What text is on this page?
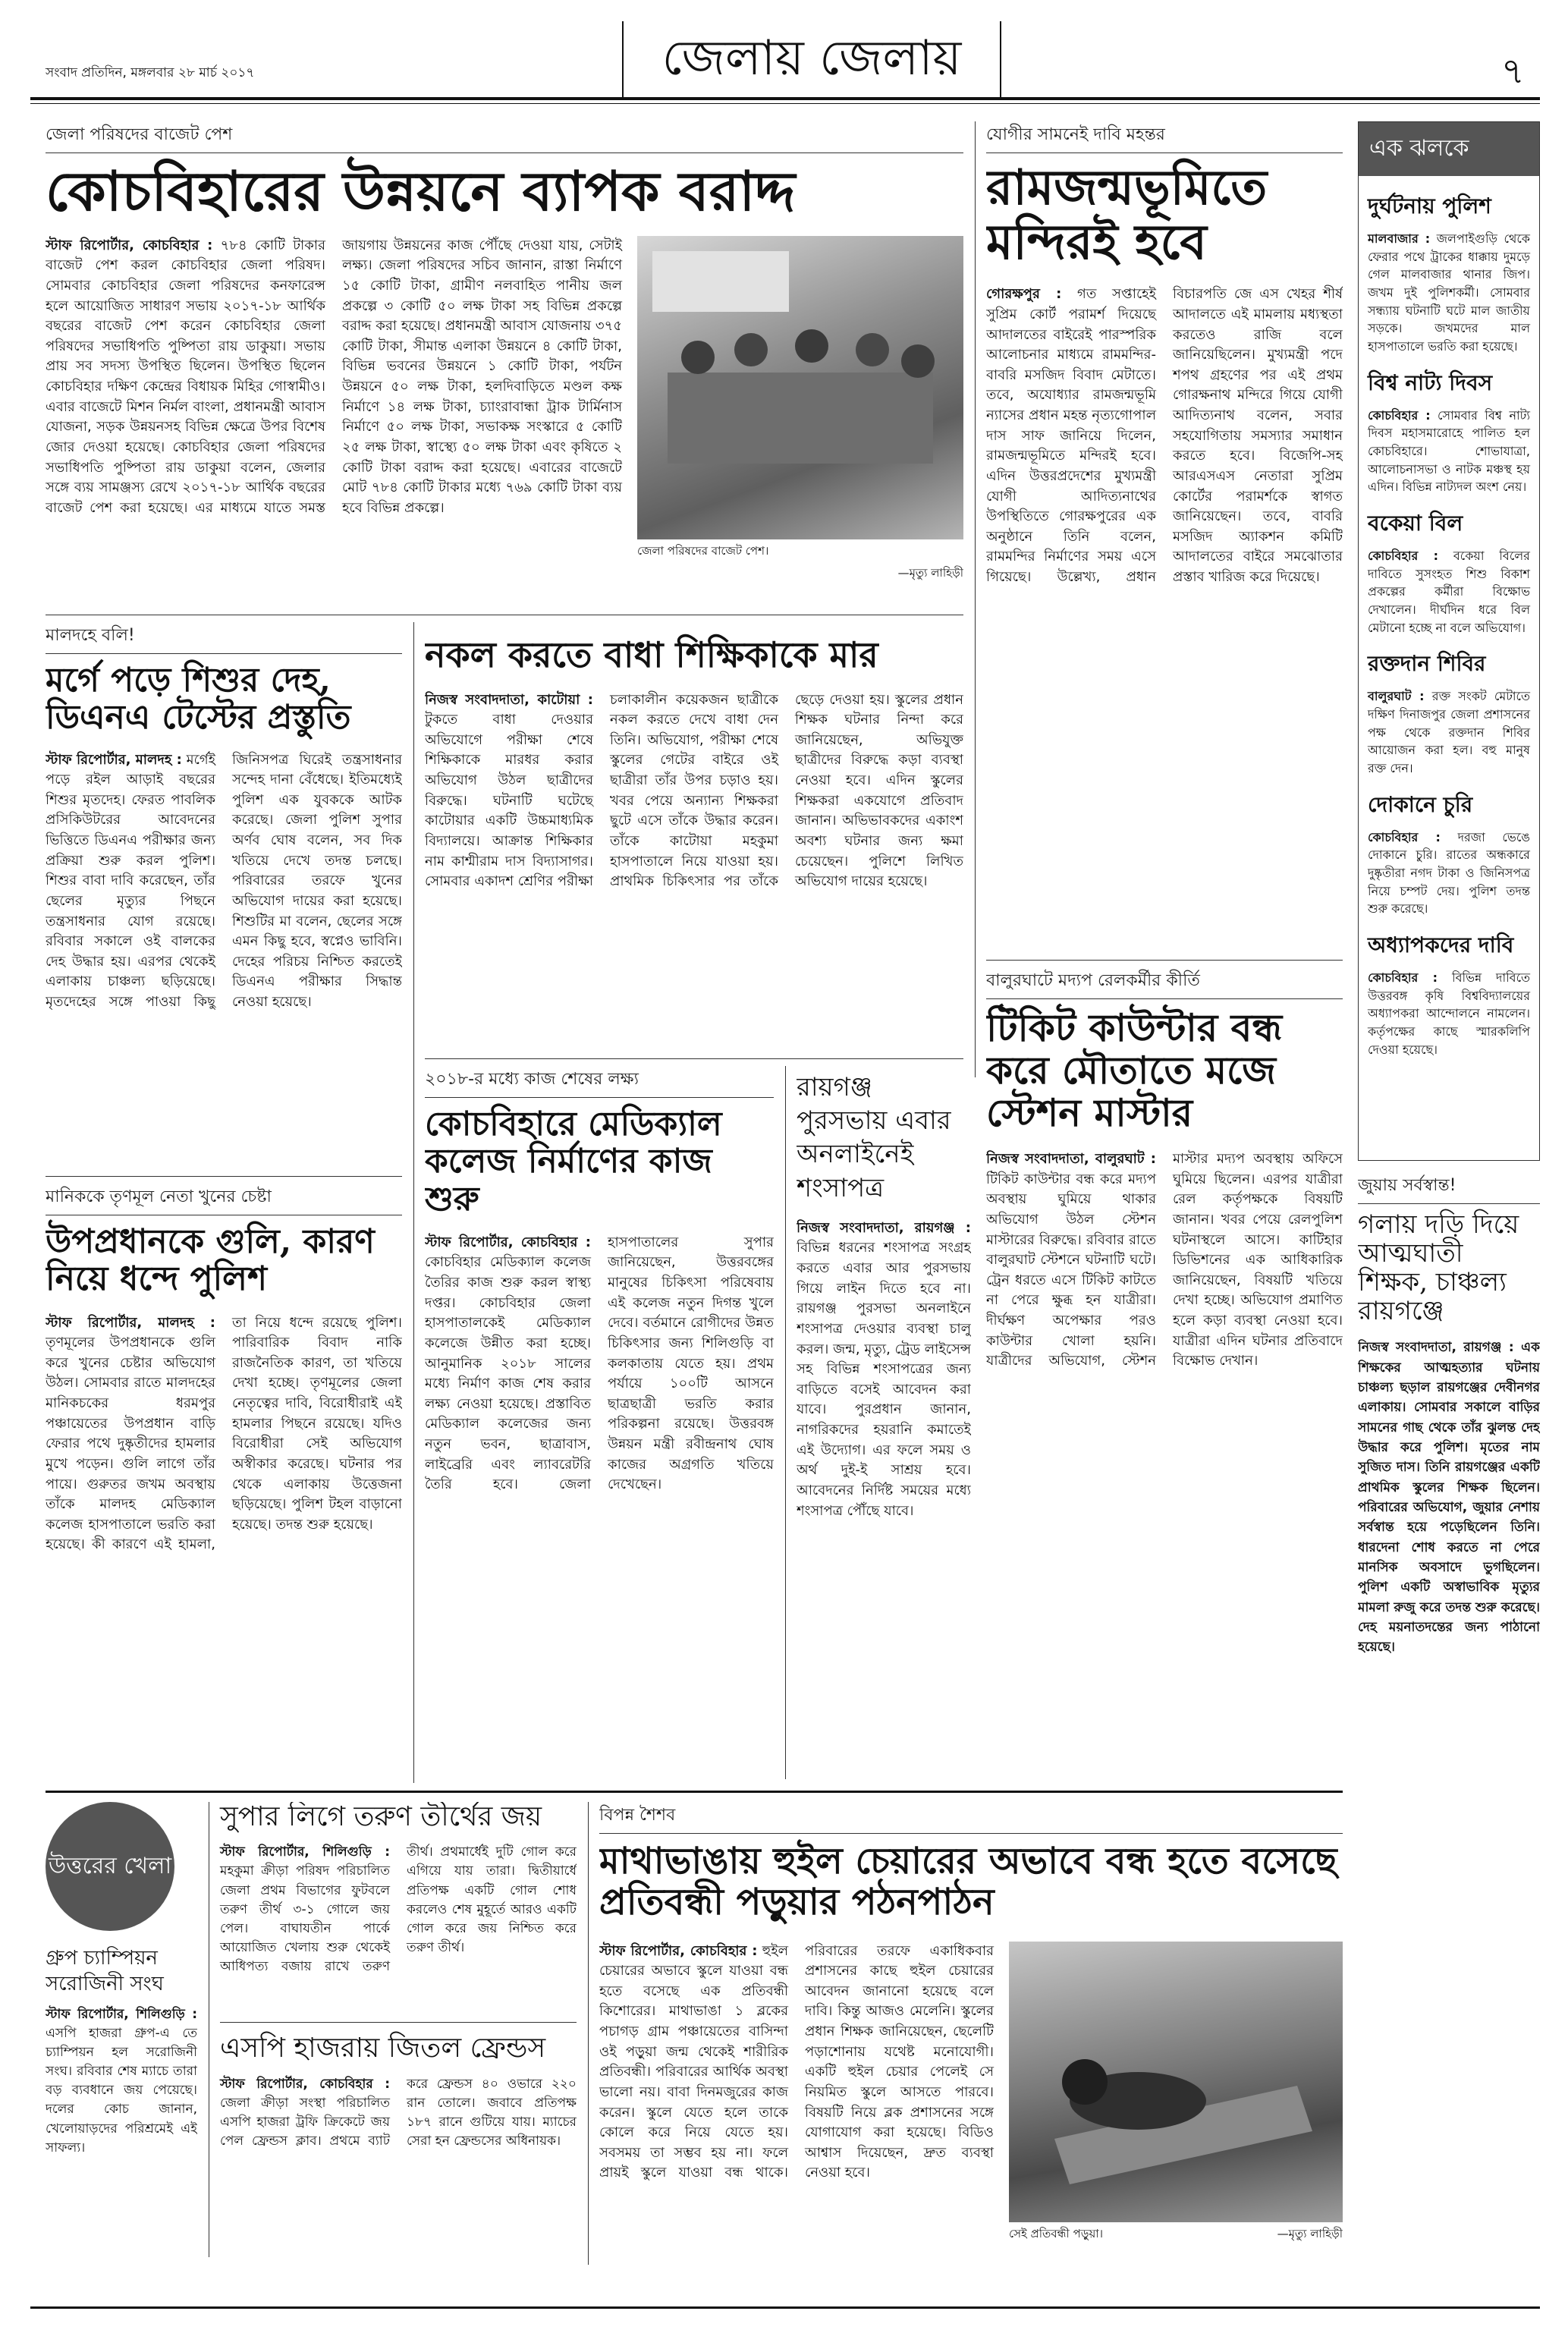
সংবাদ প্রতিদিন, মঙ্গলবার ২৮ মার্চ ২০১৭	জেলায় জেলায়	৭
জেলা পরিষদের বাজেট পেশ
কোচবিহারের উন্নয়নে ব্যাপক বরাদ্দ
স্টাফ রিপোর্টার, কোচবিহার : ৭৮৪ কোটি টাকার বাজেট পেশ করল কোচবিহার জেলা পরিষদ। সোমবার কোচবিহার জেলা পরিষদের কনফারেন্স হলে আয়োজিত সাধারণ সভায় ২০১৭-১৮ আর্থিক বছরের বাজেট পেশ করেন কোচবিহার জেলা পরিষদের সভাধিপতি পুষ্পিতা রায় ডাকুয়া। সভায় প্রায় সব সদস্য উপস্থিত ছিলেন। উপস্থিত ছিলেন কোচবিহার দক্ষিণ কেন্দ্রের বিধায়ক মিহির গোস্বামীও। এবার বাজেটে মিশন নির্মল বাংলা, প্রধানমন্ত্রী আবাস যোজনা, সড়ক উন্নয়নসহ বিভিন্ন ক্ষেত্রে উপর বিশেষ জোর দেওয়া হয়েছে। কোচবিহার জেলা পরিষদের সভাধিপতি পুষ্পিতা রায় ডাকুয়া বলেন, জেলার সঙ্গে ব্যয় সামঞ্জস্য রেখে ২০১৭-১৮ আর্থিক বছরের বাজেট পেশ করা হয়েছে। এর মাধ্যমে যাতে সমস্ত জায়গায় উন্নয়নের কাজ পৌঁছে দেওয়া যায়, সেটাই লক্ষ্য। জেলা পরিষদের সচিব জানান, রাস্তা নির্মাণে ১৫ কোটি টাকা, গ্রামীণ নলবাহিত পানীয় জল প্রকল্পে ৩ কোটি ৫০ লক্ষ টাকা সহ বিভিন্ন প্রকল্পে বরাদ্দ করা হয়েছে। প্রধানমন্ত্রী আবাস যোজনায় ৩৭৫ কোটি টাকা, সীমান্ত এলাকা উন্নয়নে ৪ কোটি টাকা, বিভিন্ন ভবনের উন্নয়নে ১ কোটি টাকা, পর্যটন উন্নয়নে ৫০ লক্ষ টাকা, হলদিবাড়িতে মণ্ডল কক্ষ নির্মাণে ১৪ লক্ষ টাকা, চ্যাংরাবান্ধা ট্রাক টার্মিনাস নির্মাণে ৫০ লক্ষ টাকা, সভাকক্ষ সংস্কারে ৫ কোটি ২৫ লক্ষ টাকা, স্বাস্থ্যে ৫০ লক্ষ টাকা এবং কৃষিতে ২ কোটি টাকা বরাদ্দ করা হয়েছে। এবারের বাজেটে মোট ৭৮৪ কোটি টাকার মধ্যে ৭৬৯ কোটি টাকা ব্যয় হবে বিভিন্ন প্রকল্পে।
জেলা পরিষদের বাজেট পেশ।
—মৃত্যু লাহিড়ী
যোগীর সামনেই দাবি মহন্তর
রামজন্মভূমিতে মন্দিরই হবে
গোরক্ষপুর : গত সপ্তাহেই সুপ্রিম কোর্ট পরামর্শ দিয়েছে আদালতের বাইরেই পারস্পরিক আলোচনার মাধ্যমে রামমন্দির-বাবরি মসজিদ বিবাদ মেটাতে। তবে, অযোধ্যার রামজন্মভূমি ন্যাসের প্রধান মহন্ত নৃত্যগোপাল দাস সাফ জানিয়ে দিলেন, রামজন্মভূমিতে মন্দিরই হবে। এদিন উত্তরপ্রদেশের মুখ্যমন্ত্রী যোগী আদিত্যনাথের উপস্থিতিতে গোরক্ষপুরের এক অনুষ্ঠানে তিনি বলেন, রামমন্দির নির্মাণের সময় এসে গিয়েছে। উল্লেখ্য, প্রধান বিচারপতি জে এস খেহর শীর্ষ আদালতে এই মামলায় মধ্যস্থতা করতেও রাজি বলে জানিয়েছিলেন। মুখ্যমন্ত্রী পদে শপথ গ্রহণের পর এই প্রথম গোরক্ষনাথ মন্দিরে গিয়ে যোগী আদিত্যনাথ বলেন, সবার সহযোগিতায় সমস্যার সমাধান করতে হবে। বিজেপি-সহ আরএসএস নেতারা সুপ্রিম কোর্টের পরামর্শকে স্বাগত জানিয়েছেন। তবে, বাবরি মসজিদ অ্যাকশন কমিটি আদালতের বাইরে সমঝোতার প্রস্তাব খারিজ করে দিয়েছে।
এক ঝলকে
দুর্ঘটনায় পুলিশ
মালবাজার : জলপাইগুড়ি থেকে ফেরার পথে ট্রাকের ধাক্কায় দুমড়ে গেল মালবাজার থানার জিপ। জখম দুই পুলিশকর্মী। সোমবার সন্ধ্যায় ঘটনাটি ঘটে মাল জাতীয় সড়কে। জখমদের মাল হাসপাতালে ভরতি করা হয়েছে।
বিশ্ব নাট্য দিবস
কোচবিহার : সোমবার বিশ্ব নাট্য দিবস মহাসমারোহে পালিত হল কোচবিহারে। শোভাযাত্রা, আলোচনাসভা ও নাটক মঞ্চস্থ হয় এদিন। বিভিন্ন নাট্যদল অংশ নেয়।
বকেয়া বিল
কোচবিহার : বকেয়া বিলের দাবিতে সুসংহত শিশু বিকাশ প্রকল্পের কর্মীরা বিক্ষোভ দেখালেন। দীর্ঘদিন ধরে বিল মেটানো হচ্ছে না বলে অভিযোগ।
রক্তদান শিবির
বালুরঘাট : রক্ত সংকট মেটাতে দক্ষিণ দিনাজপুর জেলা প্রশাসনের পক্ষ থেকে রক্তদান শিবির আয়োজন করা হল। বহু মানুষ রক্ত দেন।
দোকানে চুরি
কোচবিহার : দরজা ভেঙে দোকানে চুরি। রাতের অন্ধকারে দুষ্কৃতীরা নগদ টাকা ও জিনিসপত্র নিয়ে চম্পট দেয়। পুলিশ তদন্ত শুরু করেছে।
অধ্যাপকদের দাবি
কোচবিহার : বিভিন্ন দাবিতে উত্তরবঙ্গ কৃষি বিশ্ববিদ্যালয়ের অধ্যাপকরা আন্দোলনে নামলেন। কর্তৃপক্ষের কাছে স্মারকলিপি দেওয়া হয়েছে।
মালদহে বলি!
মর্গে পড়ে শিশুর দেহ, ডিএনএ টেস্টের প্রস্তুতি
স্টাফ রিপোর্টার, মালদহ : মর্গেই পড়ে রইল আড়াই বছরের শিশুর মৃতদেহ। ফেরত পাবলিক প্রসিকিউটরের আবেদনের ভিত্তিতে ডিএনএ পরীক্ষার জন্য প্রক্রিয়া শুরু করল পুলিশ। শিশুর বাবা দাবি করেছেন, তাঁর ছেলের মৃত্যুর পিছনে তন্ত্রসাধনার যোগ রয়েছে। রবিবার সকালে ওই বালকের দেহ উদ্ধার হয়। এরপর থেকেই এলাকায় চাঞ্চল্য ছড়িয়েছে। মৃতদেহের সঙ্গে পাওয়া কিছু জিনিসপত্র ঘিরেই তন্ত্রসাধনার সন্দেহ দানা বেঁধেছে। ইতিমধ্যেই পুলিশ এক যুবককে আটক করেছে। জেলা পুলিশ সুপার অর্ণব ঘোষ বলেন, সব দিক খতিয়ে দেখে তদন্ত চলছে। পরিবারের তরফে খুনের অভিযোগ দায়ের করা হয়েছে। শিশুটির মা বলেন, ছেলের সঙ্গে এমন কিছু হবে, স্বপ্নেও ভাবিনি। দেহের পরিচয় নিশ্চিত করতেই ডিএনএ পরীক্ষার সিদ্ধান্ত নেওয়া হয়েছে।
নকল করতে বাধা শিক্ষিকাকে মার
নিজস্ব সংবাদদাতা, কাটোয়া : টুকতে বাধা দেওয়ার অভিযোগে পরীক্ষা শেষে শিক্ষিকাকে মারধর করার অভিযোগ উঠল ছাত্রীদের বিরুদ্ধে। ঘটনাটি ঘটেছে কাটোয়ার একটি উচ্চমাধ্যমিক বিদ্যালয়ে। আক্রান্ত শিক্ষিকার নাম কাশ্মীরাম দাস বিদ্যাসাগর। সোমবার একাদশ শ্রেণির পরীক্ষা চলাকালীন কয়েকজন ছাত্রীকে নকল করতে দেখে বাধা দেন তিনি। অভিযোগ, পরীক্ষা শেষে স্কুলের গেটের বাইরে ওই ছাত্রীরা তাঁর উপর চড়াও হয়। খবর পেয়ে অন্যান্য শিক্ষকরা ছুটে এসে তাঁকে উদ্ধার করেন। তাঁকে কাটোয়া মহকুমা হাসপাতালে নিয়ে যাওয়া হয়। প্রাথমিক চিকিৎসার পর তাঁকে ছেড়ে দেওয়া হয়। স্কুলের প্রধান শিক্ষক ঘটনার নিন্দা করে জানিয়েছেন, অভিযুক্ত ছাত্রীদের বিরুদ্ধে কড়া ব্যবস্থা নেওয়া হবে। এদিন স্কুলের শিক্ষকরা একযোগে প্রতিবাদ জানান। অভিভাবকদের একাংশ অবশ্য ঘটনার জন্য ক্ষমা চেয়েছেন। পুলিশে লিখিত অভিযোগ দায়ের হয়েছে।
বালুরঘাটে মদ্যপ রেলকর্মীর কীর্তি
টিকিট কাউন্টার বন্ধ করে মৌতাতে মজে স্টেশন মাস্টার
নিজস্ব সংবাদদাতা, বালুরঘাট : টিকিট কাউন্টার বন্ধ করে মদ্যপ অবস্থায় ঘুমিয়ে থাকার অভিযোগ উঠল স্টেশন মাস্টারের বিরুদ্ধে। রবিবার রাতে বালুরঘাট স্টেশনে ঘটনাটি ঘটে। ট্রেন ধরতে এসে টিকিট কাটতে না পেরে ক্ষুব্ধ হন যাত্রীরা। দীর্ঘক্ষণ অপেক্ষার পরও কাউন্টার খোলা হয়নি। যাত্রীদের অভিযোগ, স্টেশন মাস্টার মদ্যপ অবস্থায় অফিসে ঘুমিয়ে ছিলেন। এরপর যাত্রীরা রেল কর্তৃপক্ষকে বিষয়টি জানান। খবর পেয়ে রেলপুলিশ ঘটনাস্থলে আসে। কাটিহার ডিভিশনের এক আধিকারিক জানিয়েছেন, বিষয়টি খতিয়ে দেখা হচ্ছে। অভিযোগ প্রমাণিত হলে কড়া ব্যবস্থা নেওয়া হবে। যাত্রীরা এদিন ঘটনার প্রতিবাদে বিক্ষোভ দেখান।
২০১৮-র মধ্যে কাজ শেষের লক্ষ্য
কোচবিহারে মেডিক্যাল কলেজ নির্মাণের কাজ শুরু
স্টাফ রিপোর্টার, কোচবিহার : কোচবিহার মেডিক্যাল কলেজ তৈরির কাজ শুরু করল স্বাস্থ্য দপ্তর। কোচবিহার জেলা হাসপাতালকেই মেডিক্যাল কলেজে উন্নীত করা হচ্ছে। আনুমানিক ২০১৮ সালের মধ্যে নির্মাণ কাজ শেষ করার লক্ষ্য নেওয়া হয়েছে। প্রস্তাবিত মেডিক্যাল কলেজের জন্য নতুন ভবন, ছাত্রাবাস, লাইব্রেরি এবং ল্যাবরেটরি তৈরি হবে। জেলা হাসপাতালের সুপার জানিয়েছেন, উত্তরবঙ্গের মানুষের চিকিৎসা পরিষেবায় এই কলেজ নতুন দিগন্ত খুলে দেবে। বর্তমানে রোগীদের উন্নত চিকিৎসার জন্য শিলিগুড়ি বা কলকাতায় যেতে হয়। প্রথম পর্যায়ে ১০০টি আসনে ছাত্রছাত্রী ভরতি করার পরিকল্পনা রয়েছে। উত্তরবঙ্গ উন্নয়ন মন্ত্রী রবীন্দ্রনাথ ঘোষ কাজের অগ্রগতি খতিয়ে দেখেছেন।
রায়গঞ্জ
পুরসভায় এবার
অনলাইনেই
শংসাপত্র
নিজস্ব সংবাদদাতা, রায়গঞ্জ : বিভিন্ন ধরনের শংসাপত্র সংগ্রহ করতে এবার আর পুরসভায় গিয়ে লাইন দিতে হবে না। রায়গঞ্জ পুরসভা অনলাইনে শংসাপত্র দেওয়ার ব্যবস্থা চালু করল। জন্ম, মৃত্যু, ট্রেড লাইসেন্স সহ বিভিন্ন শংসাপত্রের জন্য বাড়িতে বসেই আবেদন করা যাবে। পুরপ্রধান জানান, নাগরিকদের হয়রানি কমাতেই এই উদ্যোগ। এর ফলে সময় ও অর্থ দুই-ই সাশ্রয় হবে। আবেদনের নির্দিষ্ট সময়ের মধ্যে শংসাপত্র পৌঁছে যাবে।
মানিককে তৃণমূল নেতা খুনের চেষ্টা
উপপ্রধানকে গুলি, কারণ নিয়ে ধন্দে পুলিশ
স্টাফ রিপোর্টার, মালদহ : তৃণমূলের উপপ্রধানকে গুলি করে খুনের চেষ্টার অভিযোগ উঠল। সোমবার রাতে মালদহের মানিকচকের ধরমপুর পঞ্চায়েতের উপপ্রধান বাড়ি ফেরার পথে দুষ্কৃতীদের হামলার মুখে পড়েন। গুলি লাগে তাঁর পায়ে। গুরুতর জখম অবস্থায় তাঁকে মালদহ মেডিক্যাল কলেজ হাসপাতালে ভরতি করা হয়েছে। কী কারণে এই হামলা, তা নিয়ে ধন্দে রয়েছে পুলিশ। পারিবারিক বিবাদ নাকি রাজনৈতিক কারণ, তা খতিয়ে দেখা হচ্ছে। তৃণমূলের জেলা নেতৃত্বের দাবি, বিরোধীরাই এই হামলার পিছনে রয়েছে। যদিও বিরোধীরা সেই অভিযোগ অস্বীকার করেছে। ঘটনার পর থেকে এলাকায় উত্তেজনা ছড়িয়েছে। পুলিশ টহল বাড়ানো হয়েছে। তদন্ত শুরু হয়েছে।
জুয়ায় সর্বস্বান্ত!
গলায় দড়ি দিয়ে আত্মঘাতী শিক্ষক, চাঞ্চল্য রায়গঞ্জে
নিজস্ব সংবাদদাতা, রায়গঞ্জ : এক শিক্ষকের আত্মহত্যার ঘটনায় চাঞ্চল্য ছড়াল রায়গঞ্জের দেবীনগর এলাকায়। সোমবার সকালে বাড়ির সামনের গাছ থেকে তাঁর ঝুলন্ত দেহ উদ্ধার করে পুলিশ। মৃতের নাম সুজিত দাস। তিনি রায়গঞ্জের একটি প্রাথমিক স্কুলের শিক্ষক ছিলেন। পরিবারের অভিযোগ, জুয়ার নেশায় সর্বস্বান্ত হয়ে পড়েছিলেন তিনি। ধারদেনা শোধ করতে না পেরে মানসিক অবসাদে ভুগছিলেন। পুলিশ একটি অস্বাভাবিক মৃত্যুর মামলা রুজু করে তদন্ত শুরু করেছে। দেহ ময়নাতদন্তের জন্য পাঠানো হয়েছে।
উত্তরের খেলা
গ্রুপ চ্যাম্পিয়ন
সরোজিনী সংঘ
স্টাফ রিপোর্টার, শিলিগুড়ি : এসপি হাজরা গ্রুপ-এ তে চ্যাম্পিয়ন হল সরোজিনী সংঘ। রবিবার শেষ ম্যাচে তারা বড় ব্যবধানে জয় পেয়েছে। দলের কোচ জানান, খেলোয়াড়দের পরিশ্রমেই এই সাফল্য।
সুপার লিগে তরুণ তীর্থের জয়
স্টাফ রিপোর্টার, শিলিগুড়ি : মহকুমা ক্রীড়া পরিষদ পরিচালিত জেলা প্রথম বিভাগের ফুটবলে তরুণ তীর্থ ৩-১ গোলে জয় পেল। বাঘাযতীন পার্কে আয়োজিত খেলায় শুরু থেকেই আধিপত্য বজায় রাখে তরুণ তীর্থ। প্রথমার্ধেই দুটি গোল করে এগিয়ে যায় তারা। দ্বিতীয়ার্ধে প্রতিপক্ষ একটি গোল শোধ করলেও শেষ মুহূর্তে আরও একটি গোল করে জয় নিশ্চিত করে তরুণ তীর্থ।
এসপি হাজরায় জিতল ফ্রেন্ডস
স্টাফ রিপোর্টার, কোচবিহার : জেলা ক্রীড়া সংস্থা পরিচালিত এসপি হাজরা ট্রফি ক্রিকেটে জয় পেল ফ্রেন্ডস ক্লাব। প্রথমে ব্যাট করে ফ্রেন্ডস ৪০ ওভারে ২২০ রান তোলে। জবাবে প্রতিপক্ষ ১৮৭ রানে গুটিয়ে যায়। ম্যাচের সেরা হন ফ্রেন্ডসের অধিনায়ক।
বিপন্ন শৈশব
মাথাভাঙায় হুইল চেয়ারের অভাবে বন্ধ হতে বসেছে প্রতিবন্ধী পড়ুয়ার পঠনপাঠন
স্টাফ রিপোর্টার, কোচবিহার : হুইল চেয়ারের অভাবে স্কুলে যাওয়া বন্ধ হতে বসেছে এক প্রতিবন্ধী কিশোরের। মাথাভাঙা ১ ব্লকের পচাগড় গ্রাম পঞ্চায়েতের বাসিন্দা ওই পড়ুয়া জন্ম থেকেই শারীরিক প্রতিবন্ধী। পরিবারের আর্থিক অবস্থা ভালো নয়। বাবা দিনমজুরের কাজ করেন। স্কুলে যেতে হলে তাকে কোলে করে নিয়ে যেতে হয়। সবসময় তা সম্ভব হয় না। ফলে প্রায়ই স্কুলে যাওয়া বন্ধ থাকে। পরিবারের তরফে একাধিকবার প্রশাসনের কাছে হুইল চেয়ারের আবেদন জানানো হয়েছে বলে দাবি। কিন্তু আজও মেলেনি। স্কুলের প্রধান শিক্ষক জানিয়েছেন, ছেলেটি পড়াশোনায় যথেষ্ট মনোযোগী। একটি হুইল চেয়ার পেলেই সে নিয়মিত স্কুলে আসতে পারবে। বিষয়টি নিয়ে ব্লক প্রশাসনের সঙ্গে যোগাযোগ করা হয়েছে। বিডিও আশ্বাস দিয়েছেন, দ্রুত ব্যবস্থা নেওয়া হবে।
সেই প্রতিবন্ধী পড়ুয়া।	—মৃত্যু লাহিড়ী
